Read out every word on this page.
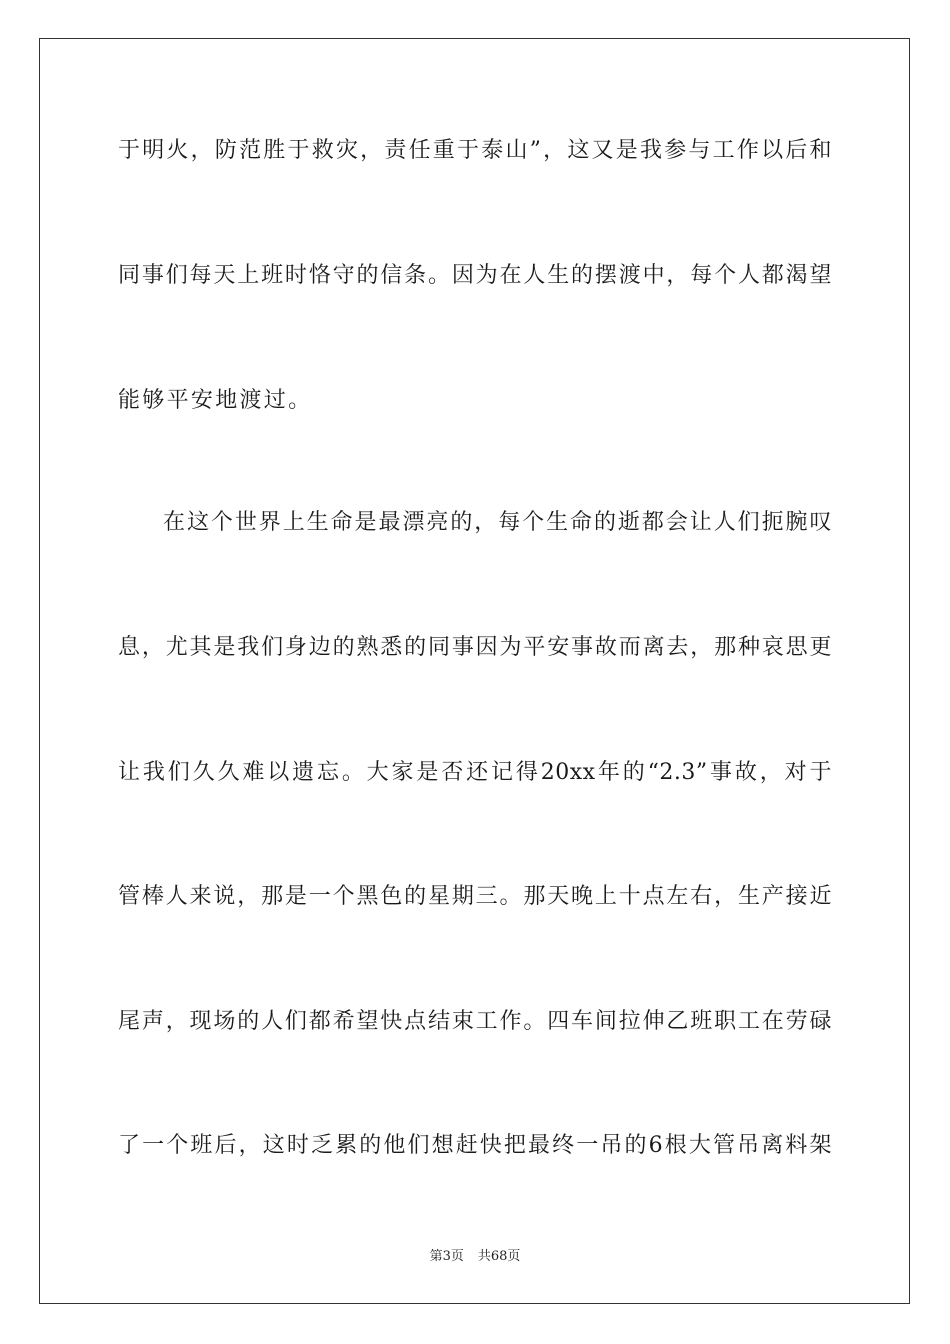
于明火，防范胜于救灾，责任重于泰山”，这又是我参与工作以后和
同事们每天上班时恪守的信条。因为在人生的摆渡中，每个人都渴望
能够平安地渡过。
在这个世界上生命是最漂亮的，每个生命的逝都会让人们扼腕叹
息，尤其是我们身边的熟悉的同事因为平安事故而离去，那种哀思更
让我们久久难以遗忘。大家是否还记得20xx年的“2.3”事故，对于
管棒人来说，那是一个黑色的星期三。那天晚上十点左右，生产接近
尾声，现场的人们都希望快点结束工作。四车间拉伸乙班职工在劳碌
了一个班后，这时乏累的他们想赶快把最终一吊的6根大管吊离料架
第3页 共68页
